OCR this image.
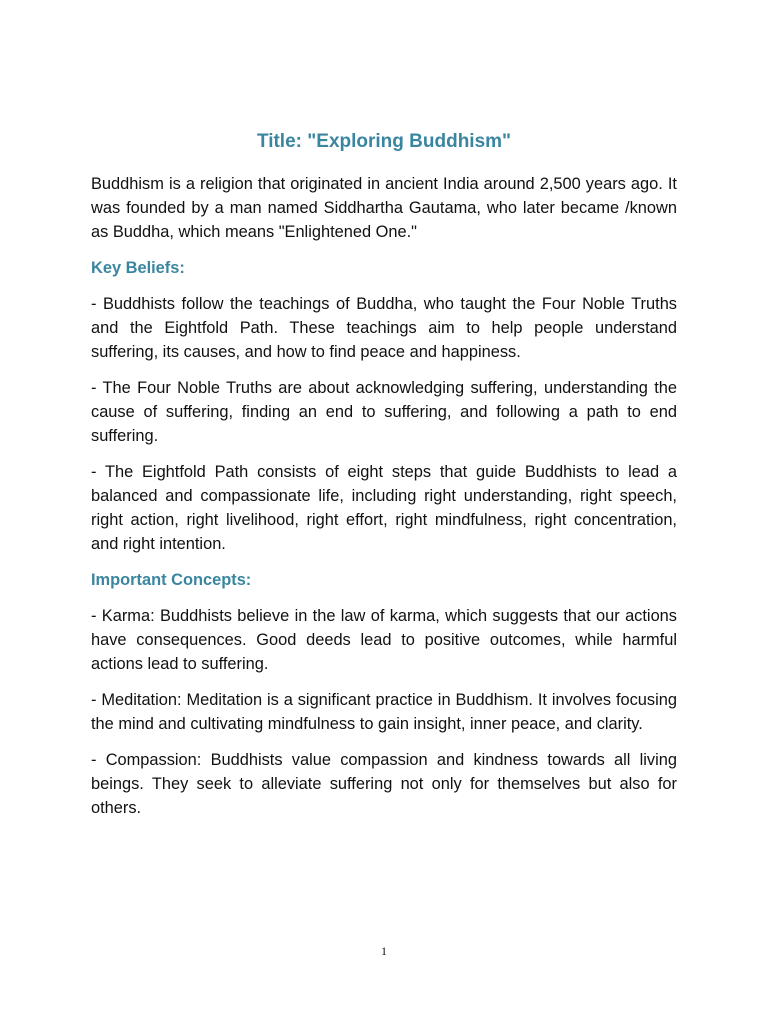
Title: "Exploring Buddhism"

Buddhism is a religion that originated in ancient India around 2,500 years ago. It was founded by a man named Siddhartha Gautama, who later became /known as Buddha, which means "Enlightened One."

Key Beliefs:

- Buddhists follow the teachings of Buddha, who taught the Four Noble Truths and the Eightfold Path. These teachings aim to help people understand suffering, its causes, and how to find peace and happiness.

- The Four Noble Truths are about acknowledging suffering, understanding the cause of suffering, finding an end to suffering, and following a path to end suffering.

- The Eightfold Path consists of eight steps that guide Buddhists to lead a balanced and compassionate life, including right understanding, right speech, right action, right livelihood, right effort, right mindfulness, right concentration, and right intention.

Important Concepts:

- Karma: Buddhists believe in the law of karma, which suggests that our actions have consequences. Good deeds lead to positive outcomes, while harmful actions lead to suffering.

- Meditation: Meditation is a significant practice in Buddhism. It involves focusing the mind and cultivating mindfulness to gain insight, inner peace, and clarity.

- Compassion: Buddhists value compassion and kindness towards all living beings. They seek to alleviate suffering not only for themselves but also for others.

1
